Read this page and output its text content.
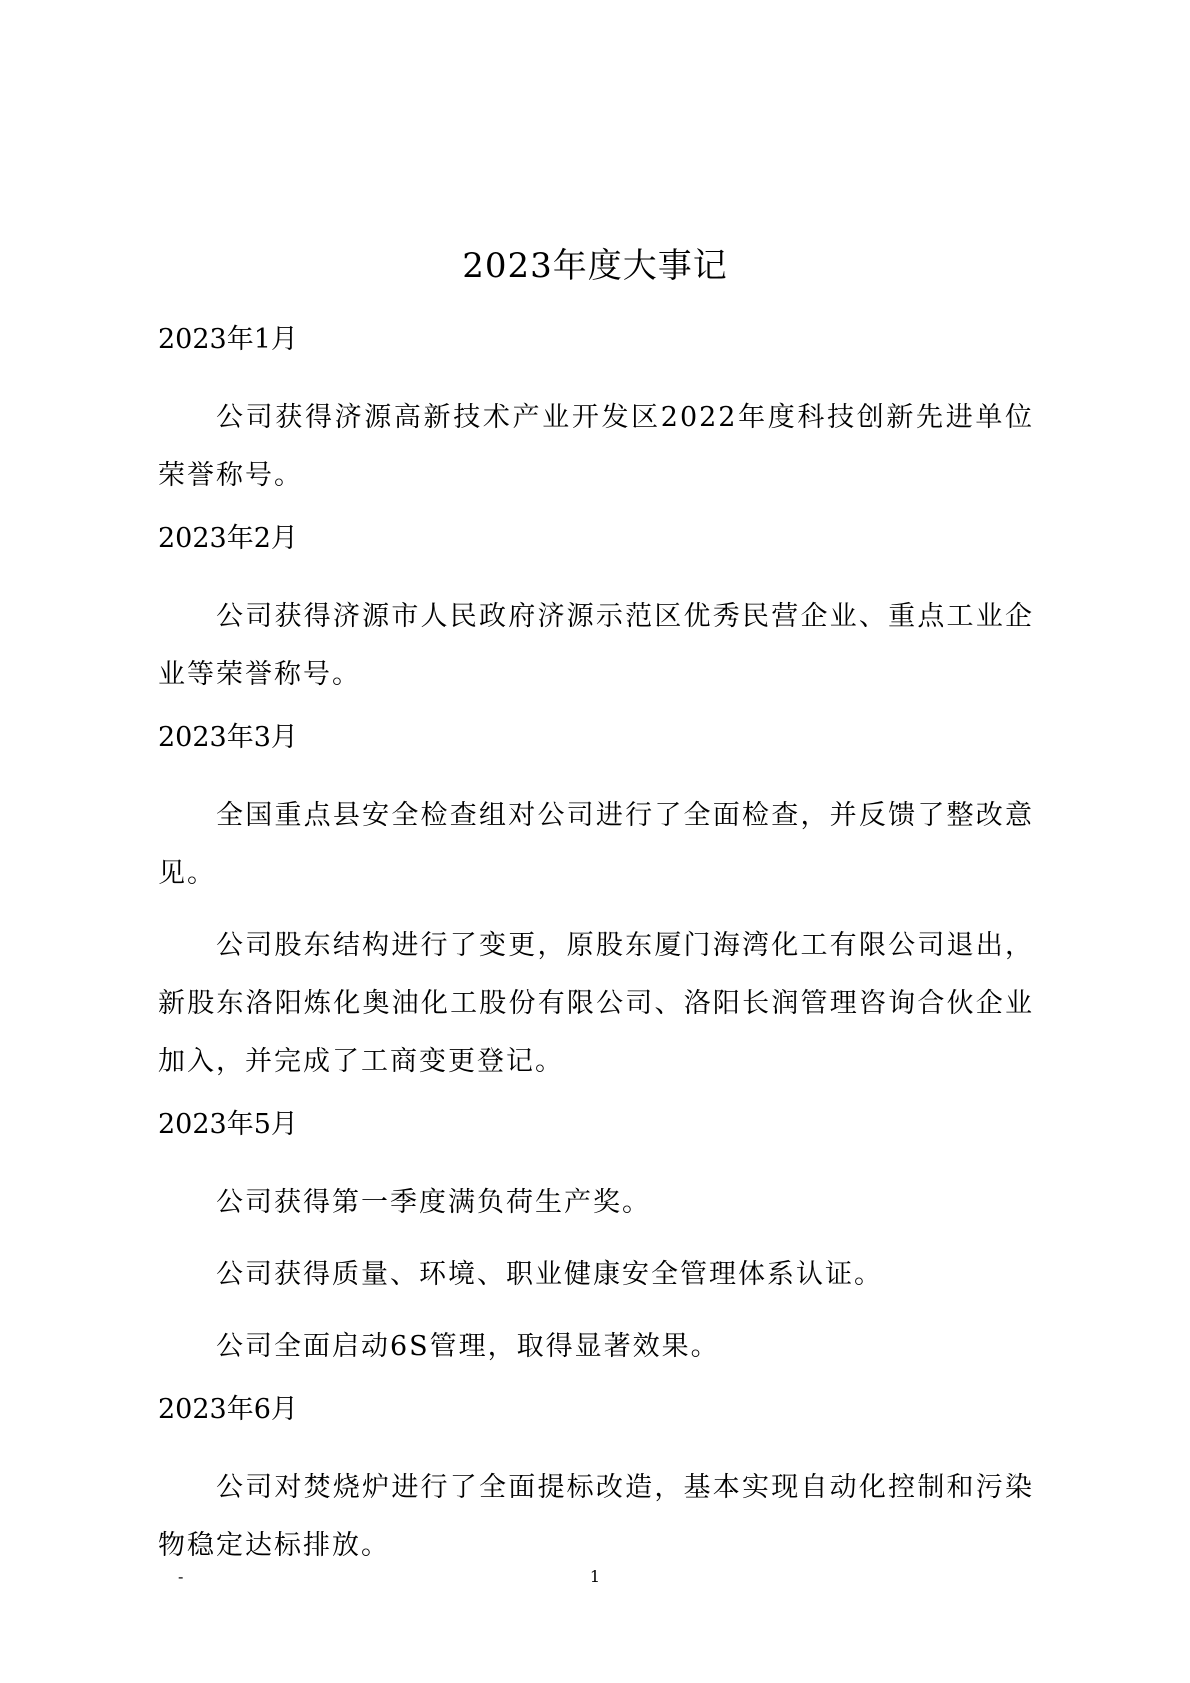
2023年度大事记
2023年1月

公司获得济源高新技术产业开发区2022年度科技创新先进单位荣誉称号。

2023年2月

公司获得济源市人民政府济源示范区优秀民营企业、重点工业企业等荣誉称号。

2023年3月

全国重点县安全检查组对公司进行了全面检查，并反馈了整改意见。

公司股东结构进行了变更，原股东厦门海湾化工有限公司退出，新股东洛阳炼化奥油化工股份有限公司、洛阳长润管理咨询合伙企业加入，并完成了工商变更登记。

2023年5月

公司获得第一季度满负荷生产奖。

公司获得质量、环境、职业健康安全管理体系认证。

公司全面启动6S管理，取得显著效果。

2023年6月

公司对焚烧炉进行了全面提标改造，基本实现自动化控制和污染物稳定达标排放。

-	1
